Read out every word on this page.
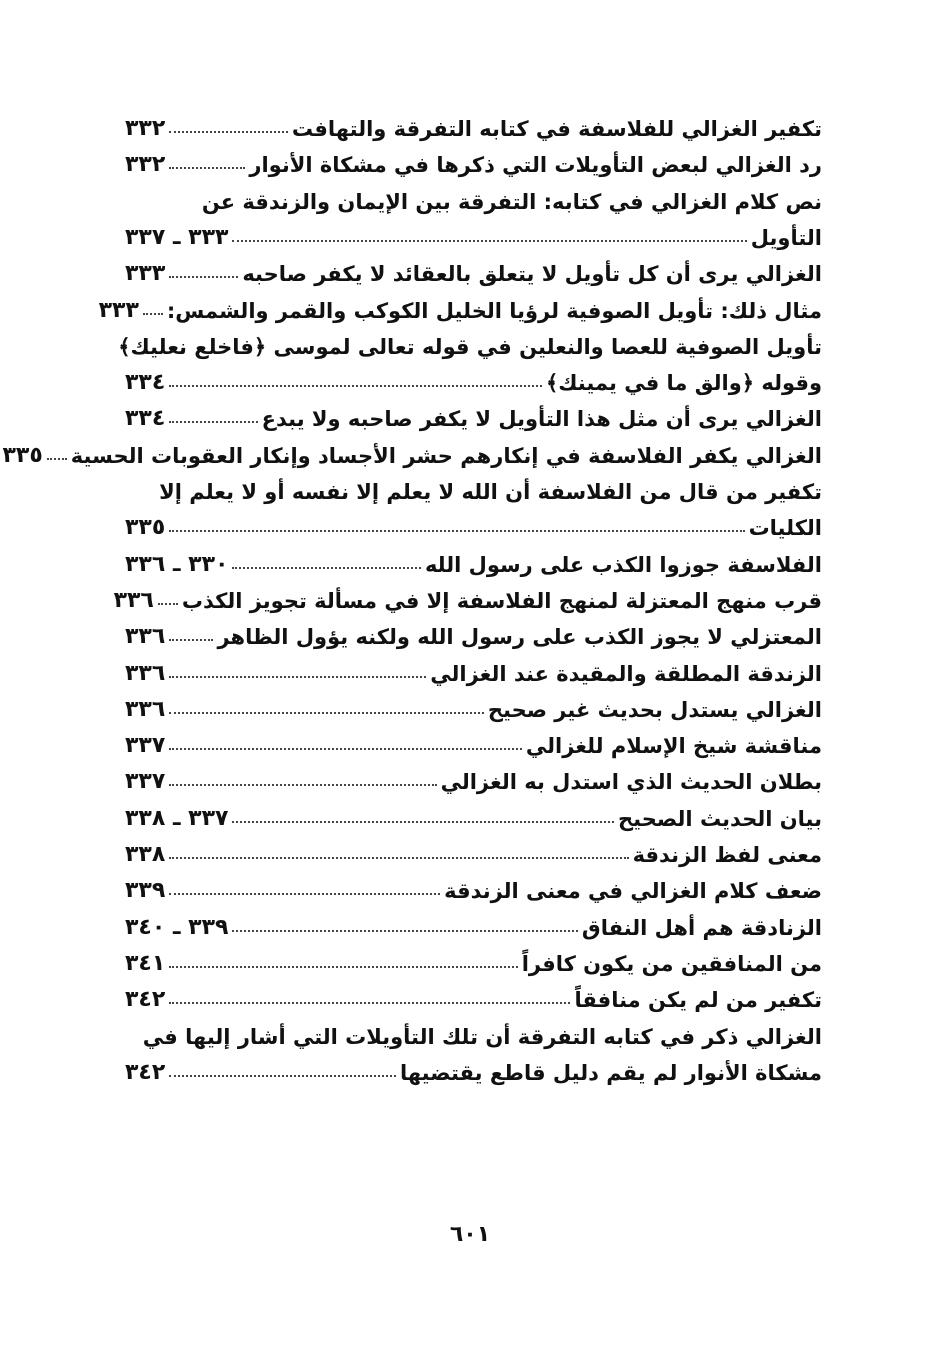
تكفير الغزالي للفلاسفة في كتابه التفرقة والتهافت
٣٣٢
رد الغزالي لبعض التأويلات التي ذكرها في مشكاة الأنوار
٣٣٢
نص كلام الغزالي في كتابه: التفرقة بين الإيمان والزندقة عن
التأويل
٣٣٣ ـ ٣٣٧
الغزالي يرى أن كل تأويل لا يتعلق بالعقائد لا يكفر صاحبه
٣٣٣
مثال ذلك: تأويل الصوفية لرؤيا الخليل الكوكب والقمر والشمس:
٣٣٣
تأويل الصوفية للعصا والنعلين في قوله تعالى لموسى ﴿فاخلع نعليك﴾
وقوله ﴿والق ما في يمينك﴾
٣٣٤
الغزالي يرى أن مثل هذا التأويل لا يكفر صاحبه ولا يبدع
٣٣٤
الغزالي يكفر الفلاسفة في إنكارهم حشر الأجساد وإنكار العقوبات الحسية
٣٣٥
تكفير من قال من الفلاسفة أن الله لا يعلم إلا نفسه أو لا يعلم إلا
الكليات
٣٣٥
الفلاسفة جوزوا الكذب على رسول الله
٣٣٠ ـ ٣٣٦
قرب منهج المعتزلة لمنهج الفلاسفة إلا في مسألة تجويز الكذب
٣٣٦
المعتزلي لا يجوز الكذب على رسول الله ولكنه يؤول الظاهر
٣٣٦
الزندقة المطلقة والمقيدة عند الغزالي
٣٣٦
الغزالي يستدل بحديث غير صحيح
٣٣٦
مناقشة شيخ الإسلام للغزالي
٣٣٧
بطلان الحديث الذي استدل به الغزالي
٣٣٧
بيان الحديث الصحيح
٣٣٧ ـ ٣٣٨
معنى لفظ الزندقة
٣٣٨
ضعف كلام الغزالي في معنى الزندقة
٣٣٩
الزنادقة هم أهل النفاق
٣٣٩ ـ ٣٤٠
من المنافقين من يكون كافراً
٣٤١
تكفير من لم يكن منافقاً
٣٤٢
الغزالي ذكر في كتابه التفرقة أن تلك التأويلات التي أشار إليها في
مشكاة الأنوار لم يقم دليل قاطع يقتضيها
٣٤٢
٦٠١
